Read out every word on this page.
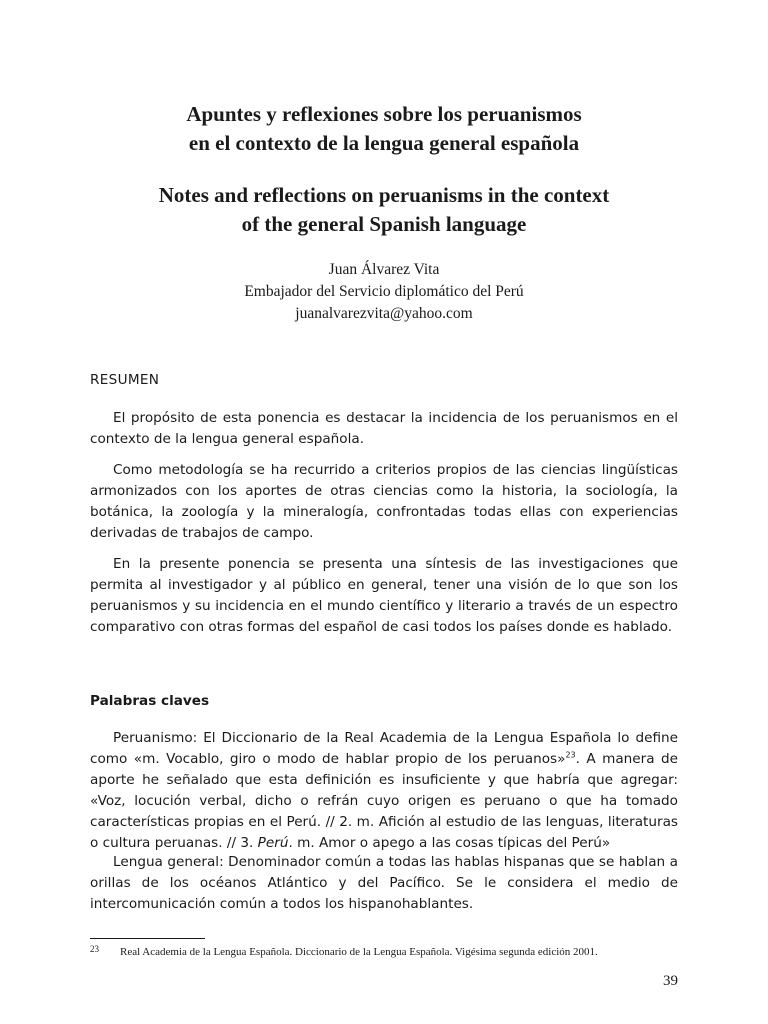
Apuntes y reflexiones sobre los peruanismos
en el contexto de la lengua general española
Notes and reflections on peruanisms in the context
of the general Spanish language
Juan Álvarez Vita
Embajador del Servicio diplomático del Perú
juanalvarezvita@yahoo.com
RESUMEN

El propósito de esta ponencia es destacar la incidencia de los peruanismos en el contexto de la lengua general española.

Como metodología se ha recurrido a criterios propios de las ciencias lingüísticas armonizados con los aportes de otras ciencias como la historia, la sociología, la botánica, la zoología y la mineralogía, confrontadas todas ellas con experiencias derivadas de trabajos de campo.

En la presente ponencia se presenta una síntesis de las investigaciones que permita al investigador y al público en general, tener una visión de lo que son los peruanismos y su incidencia en el mundo científico y literario a través de un espectro comparativo con otras formas del español de casi todos los países donde es hablado.

Palabras claves

Peruanismo: El Diccionario de la Real Academia de la Lengua Española lo define como «m. Vocablo, giro o modo de hablar propio de los peruanos»$^{23}$. A manera de aporte he señalado que esta definición es insuficiente y que habría que agregar: «Voz, locución verbal, dicho o refrán cuyo origen es peruano o que ha tomado características propias en el Perú. // 2. m. Afición al estudio de las lenguas, literaturas o cultura peruanas. // 3. Perú. m. Amor o apego a las cosas típicas del Perú»

Lengua general: Denominador común a todas las hablas hispanas que se hablan a orillas de los océanos Atlántico y del Pacífico. Se le considera el medio de intercomunicación común a todos los hispanohablantes.

23 Real Academia de la Lengua Española. Diccionario de la Lengua Española. Vigésima segunda edición 2001.
39
